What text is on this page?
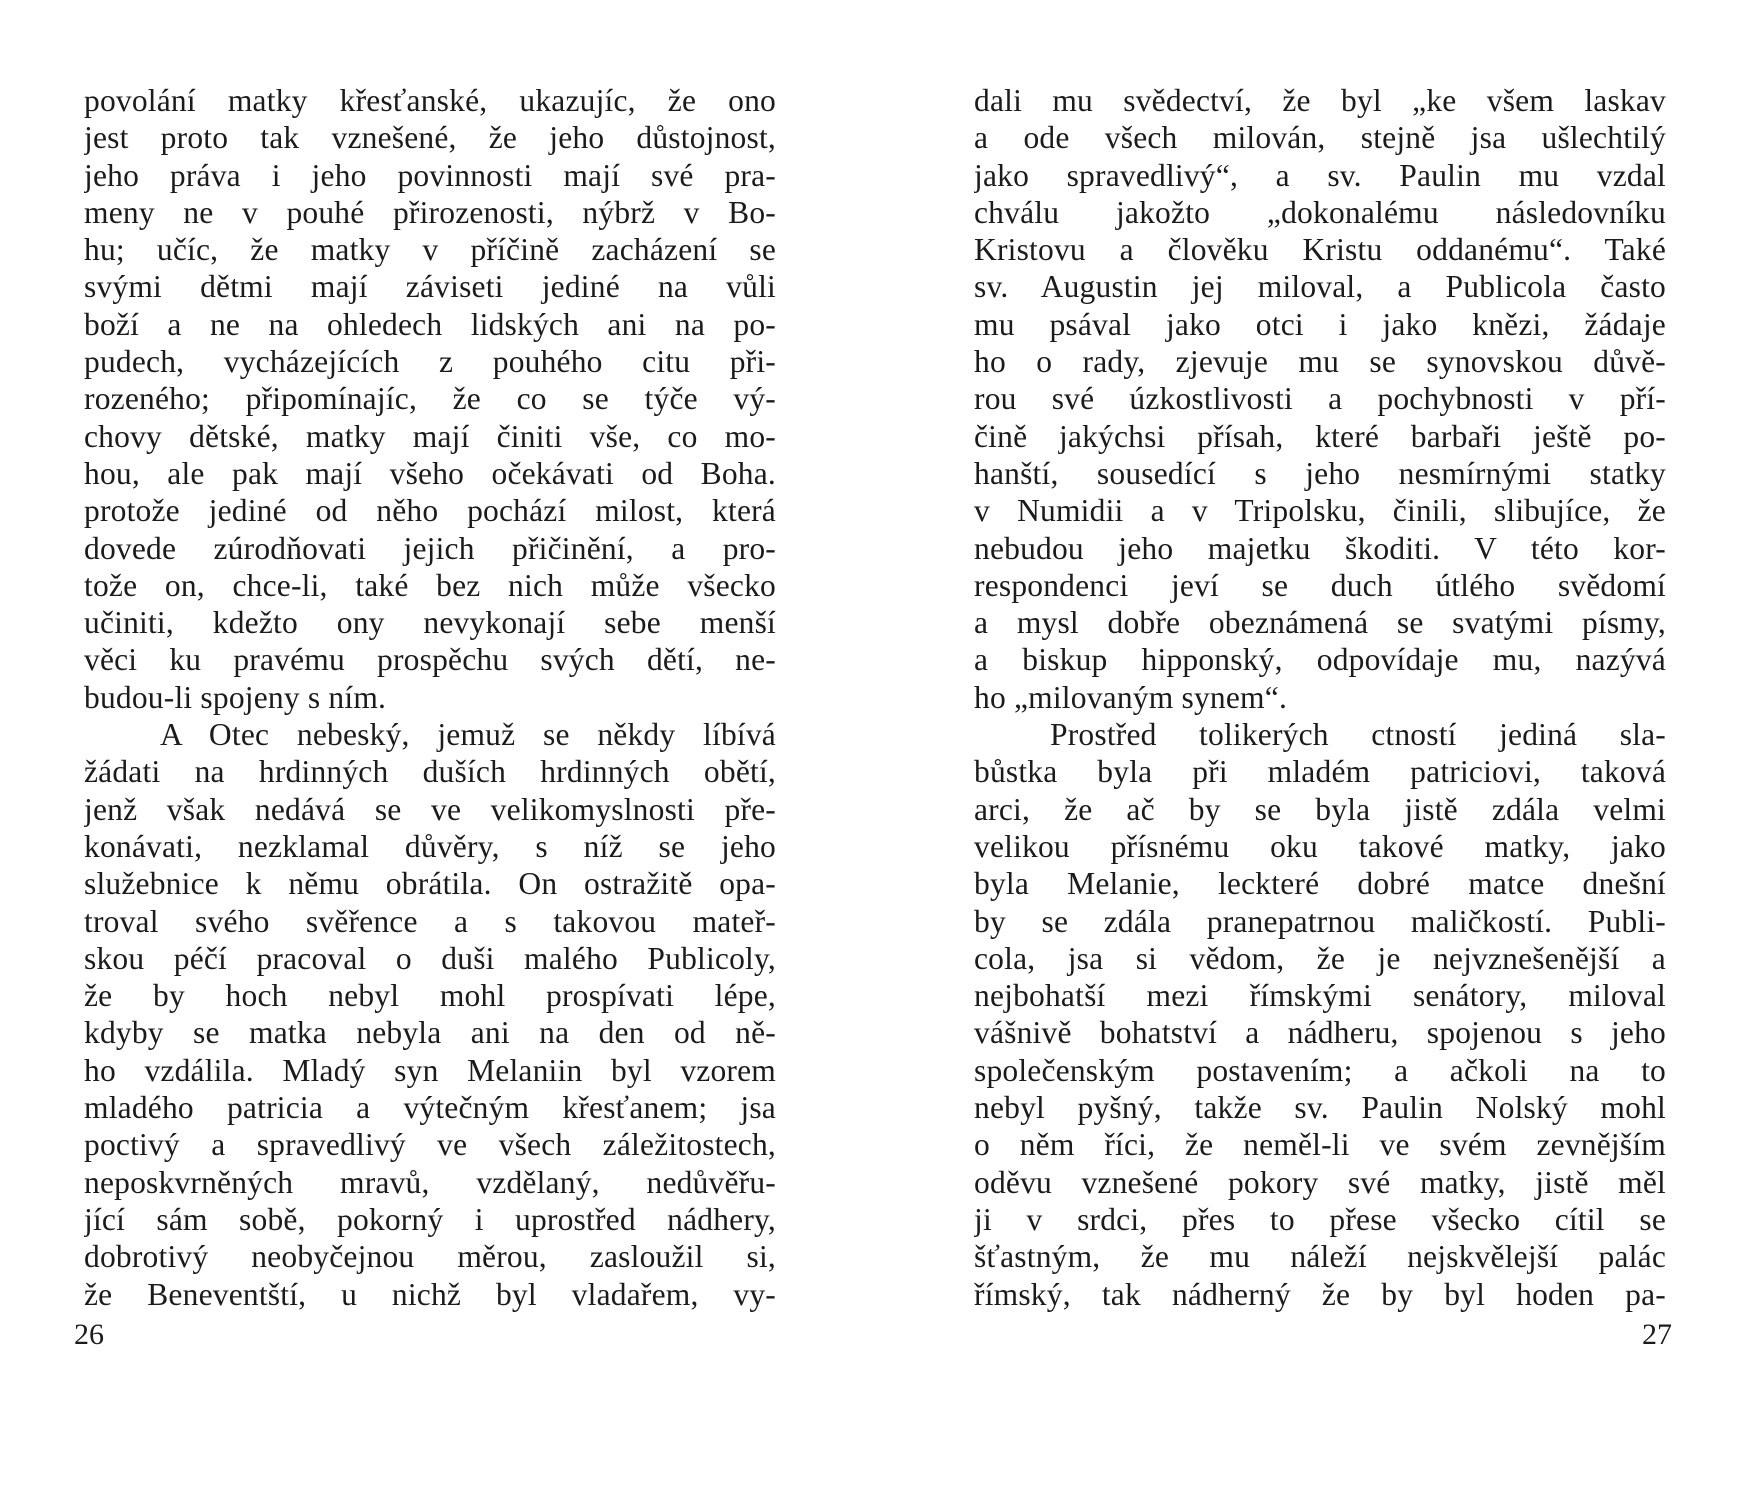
povolání matky křesťanské, ukazujíc, že ono
jest proto tak vznešené, že jeho důstojnost,
jeho práva i jeho povinnosti mají své pra-
meny ne v pouhé přirozenosti, nýbrž v Bo-
hu; učíc, že matky v příčině zacházení se
svými dětmi mají záviseti jediné na vůli
boží a ne na ohledech lidských ani na po-
pudech, vycházejících z pouhého citu při-
rozeného; připomínajíc, že co se týče vý-
chovy dětské, matky mají činiti vše, co mo-
hou, ale pak mají všeho očekávati od Boha.
protože jediné od něho pochází milost, která
dovede zúrodňovati jejich přičinění, a pro-
tože on, chce-li, také bez nich může všecko
učiniti, kdežto ony nevykonají sebe menší
věci ku pravému prospěchu svých dětí, ne-
budou-li spojeny s ním.
A Otec nebeský, jemuž se někdy líbívá
žádati na hrdinných duších hrdinných obětí,
jenž však nedává se ve velikomyslnosti pře-
konávati, nezklamal důvěry, s níž se jeho
služebnice k němu obrátila. On ostražitě opa-
troval svého svěřence a s takovou mateř-
skou péčí pracoval o duši malého Publicoly,
že by hoch nebyl mohl prospívati lépe,
kdyby se matka nebyla ani na den od ně-
ho vzdálila. Mladý syn Melaniin byl vzorem
mladého patricia a výtečným křesťanem; jsa
poctivý a spravedlivý ve všech záležitostech,
neposkvrněných mravů, vzdělaný, nedůvěřu-
jící sám sobě, pokorný i uprostřed nádhery,
dobrotivý neobyčejnou měrou, zasloužil si,
že Beneventští, u nichž byl vladařem, vy-
26
dali mu svědectví, že byl „ke všem laskav
a ode všech milován, stejně jsa ušlechtilý
jako spravedlivý“, a sv. Paulin mu vzdal
chválu jakožto „dokonalému následovníku
Kristovu a člověku Kristu oddanému“. Také
sv. Augustin jej miloval, a Publicola často
mu psával jako otci i jako knězi, žádaje
ho o rady, zjevuje mu se synovskou důvě-
rou své úzkostlivosti a pochybnosti v pří-
čině jakýchsi přísah, které barbaři ještě po-
hanští, sousedící s jeho nesmírnými statky
v Numidii a v Tripolsku, činili, slibujíce, že
nebudou jeho majetku škoditi. V této kor-
respondenci jeví se duch útlého svědomí
a mysl dobře obeznámená se svatými písmy,
a biskup hipponský, odpovídaje mu, nazývá
ho „milovaným synem“.
Prostřed tolikerých ctností jediná sla-
bůstka byla při mladém patriciovi, taková
arci, že ač by se byla jistě zdála velmi
velikou přísnému oku takové matky, jako
byla Melanie, leckteré dobré matce dnešní
by se zdála pranepatrnou maličkostí. Publi-
cola, jsa si vědom, že je nejvznešenější a
nejbohatší mezi římskými senátory, miloval
vášnivě bohatství a nádheru, spojenou s jeho
společenským postavením; a ačkoli na to
nebyl pyšný, takže sv. Paulin Nolský mohl
o něm říci, že neměl-li ve svém zevnějším
oděvu vznešené pokory své matky, jistě měl
ji v srdci, přes to přese všecko cítil se
šťastným, že mu náleží nejskvělejší palác
římský, tak nádherný že by byl hoden pa-
27
